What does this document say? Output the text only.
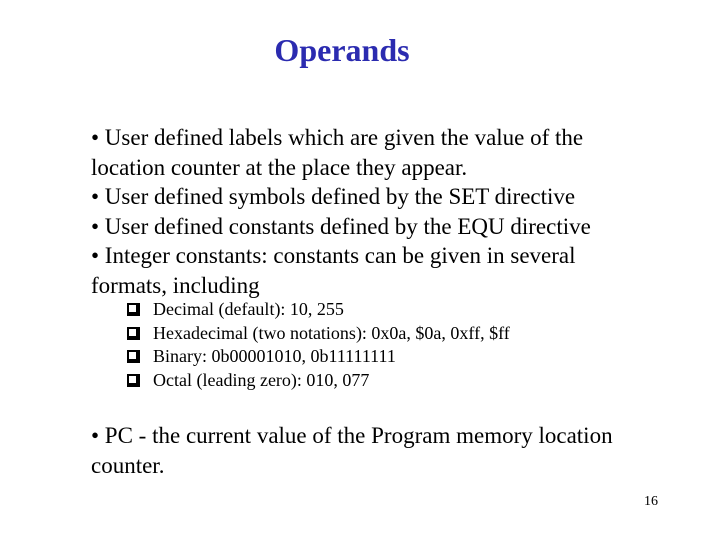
Operands

• User defined labels which are given the value of the location counter at the place they appear.

• User defined symbols defined by the SET directive

• User defined constants defined by the EQU directive

• Integer constants: constants can be given in several formats, including

Decimal (default): 10, 255
Hexadecimal (two notations): 0x0a, $0a, 0xff, $ff
Binary: 0b00001010, 0b11111111
Octal (leading zero): 010, 077

• PC - the current value of the Program memory location counter.

16
